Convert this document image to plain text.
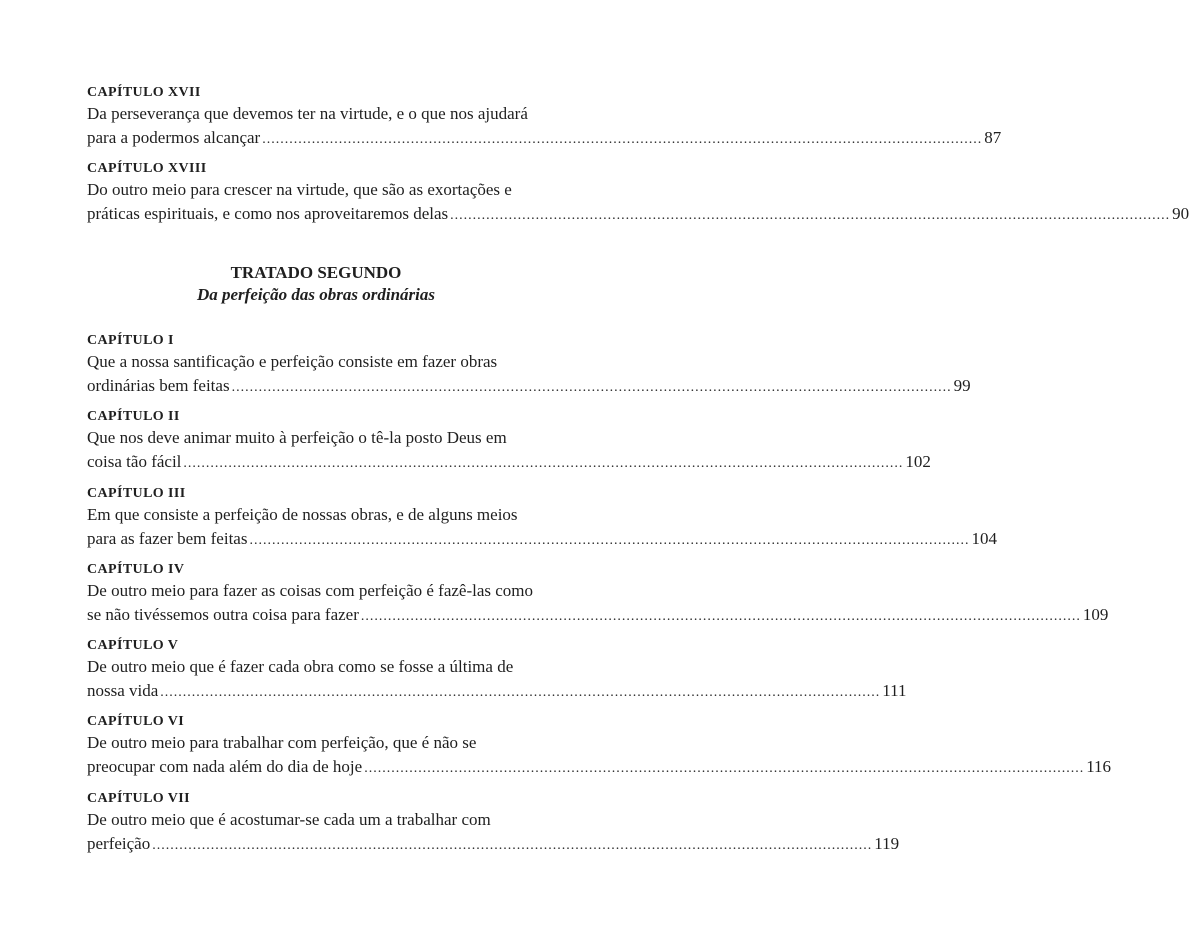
CAPÍTULO XVII
Da perseverança que devemos ter na virtude, e o que nos ajudará
para a podermos alcançar ................................................................................................................................................................ 87
CAPÍTULO XVIII
Do outro meio para crescer na virtude, que são as exortações e
práticas espirituais, e como nos aproveitaremos delas ................................................................................................................................................................ 90
CAPÍTULO I
Que a nossa santificação e perfeição consiste em fazer obras
ordinárias bem feitas ................................................................................................................................................................ 99
CAPÍTULO II
Que nos deve animar muito à perfeição o tê-la posto Deus em
coisa tão fácil ................................................................................................................................................................ 102
CAPÍTULO III
Em que consiste a perfeição de nossas obras, e de alguns meios
para as fazer bem feitas ................................................................................................................................................................ 104
CAPÍTULO IV
De outro meio para fazer as coisas com perfeição é fazê-las como
se não tivéssemos outra coisa para fazer ................................................................................................................................................................ 109
CAPÍTULO V
De outro meio que é fazer cada obra como se fosse a última de
nossa vida ................................................................................................................................................................ 111
CAPÍTULO VI
De outro meio para trabalhar com perfeição, que é não se
preocupar com nada além do dia de hoje ................................................................................................................................................................ 116
CAPÍTULO VII
De outro meio que é acostumar-se cada um a trabalhar com
perfeição ................................................................................................................................................................ 119
TRATADO SEGUNDO
Da perfeição das obras ordinárias
